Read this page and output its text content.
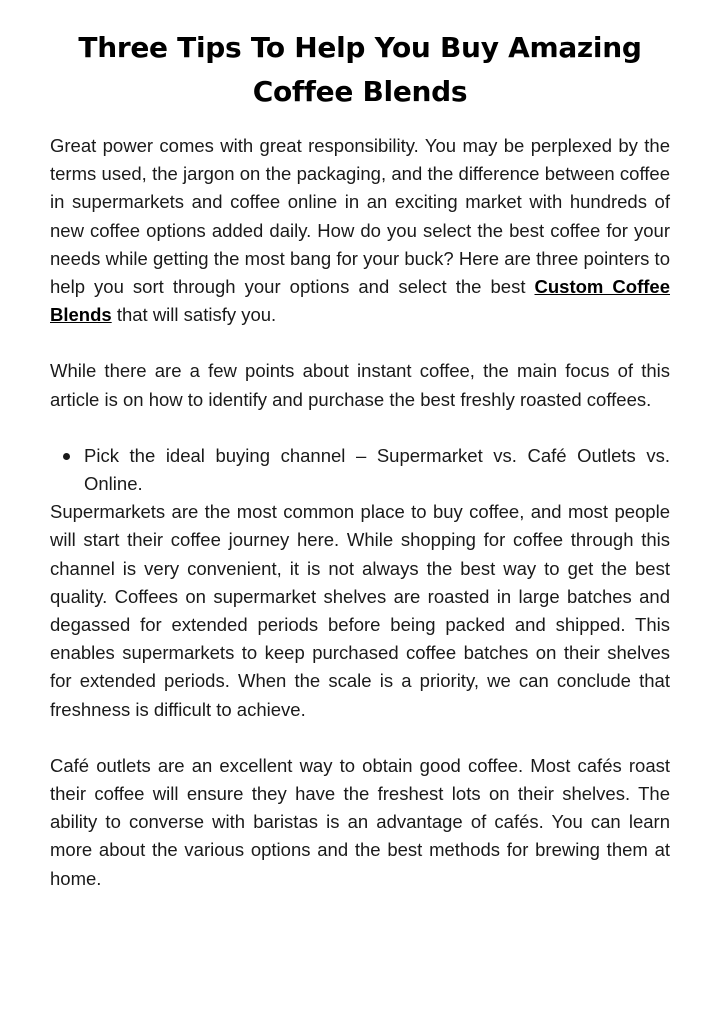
Three Tips To Help You Buy Amazing Coffee Blends

Great power comes with great responsibility. You may be perplexed by the terms used, the jargon on the packaging, and the difference between coffee in supermarkets and coffee online in an exciting market with hundreds of new coffee options added daily. How do you select the best coffee for your needs while getting the most bang for your buck? Here are three pointers to help you sort through your options and select the best Custom Coffee Blends that will satisfy you.

While there are a few points about instant coffee, the main focus of this article is on how to identify and purchase the best freshly roasted coffees.

Pick the ideal buying channel – Supermarket vs. Café Outlets vs. Online.

Supermarkets are the most common place to buy coffee, and most people will start their coffee journey here. While shopping for coffee through this channel is very convenient, it is not always the best way to get the best quality. Coffees on supermarket shelves are roasted in large batches and degassed for extended periods before being packed and shipped. This enables supermarkets to keep purchased coffee batches on their shelves for extended periods. When the scale is a priority, we can conclude that freshness is difficult to achieve.

Café outlets are an excellent way to obtain good coffee. Most cafés roast their coffee will ensure they have the freshest lots on their shelves. The ability to converse with baristas is an advantage of cafés. You can learn more about the various options and the best methods for brewing them at home.
